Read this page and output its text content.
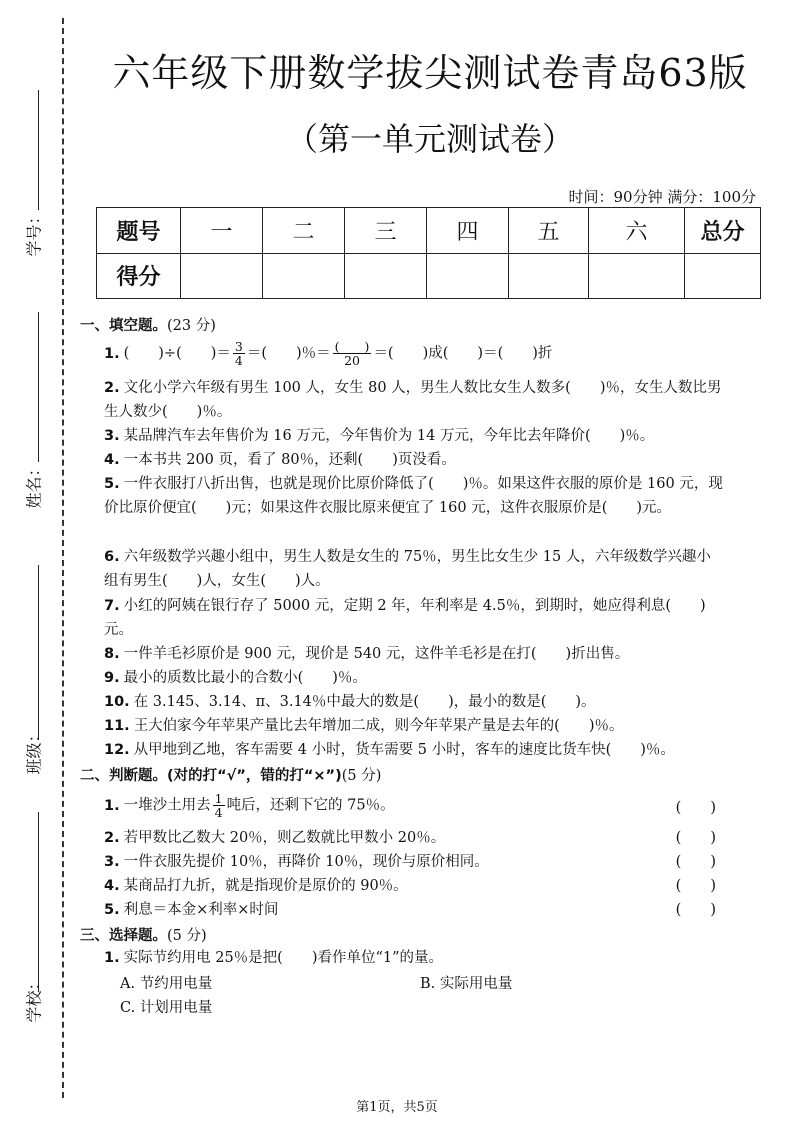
学号：
姓名：
班级：
学校：
六年级下册数学拔尖测试卷青岛63版
（第一单元测试卷）
时间：90分钟 满分：100分
题号	一	二	三	四	五	六	总分
得分							
一、填空题。(23 分)
1. (　　)÷(　　)＝ $\frac{3}{4}$ ＝(　　)％＝ $\frac{( )}{20}$ ＝(　　)成(　　)＝(　　)折
2. 文化小学六年级有男生 100 人，女生 80 人，男生人数比女生人数多(　　)％，女生人数比男生人数少(　　)％。
3. 某品牌汽车去年售价为 16 万元，今年售价为 14 万元，今年比去年降价(　　)％。
4. 一本书共 200 页，看了 80％，还剩(　　)页没看。
5. 一件衣服打八折出售，也就是现价比原价降低了(　　)％。如果这件衣服的原价是 160 元，现价比原价便宜(　　)元；如果这件衣服比原来便宜了 160 元，这件衣服原价是(　　)元。
6. 六年级数学兴趣小组中，男生人数是女生的 75％，男生比女生少 15 人，六年级数学兴趣小组有男生(　　)人，女生(　　)人。
7. 小红的阿姨在银行存了 5000 元，定期 2 年，年利率是 4.5％，到期时，她应得利息(　　)元。
8. 一件羊毛衫原价是 900 元，现价是 540 元，这件羊毛衫是在打(　　)折出售。
9. 最小的质数比最小的合数小(　　)％。
10. 在 3.145、3.14、π、3.14％中最大的数是(　　)，最小的数是(　　)。
11. 王大伯家今年苹果产量比去年增加二成，则今年苹果产量是去年的(　　)％。
12. 从甲地到乙地，客车需要 4 小时，货车需要 5 小时，客车的速度比货车快(　　)％。
二、判断题。(对的打“√”，错的打“×”)(5 分)
1. 一堆沙土用去 $\frac{1}{4}$ 吨后，还剩下它的 75％。	(　　)
2. 若甲数比乙数大 20％，则乙数就比甲数小 20％。	(　　)
3. 一件衣服先提价 10％，再降价 10％，现价与原价相同。	(　　)
4. 某商品打九折，就是指现价是原价的 90％。	(　　)
5. 利息＝本金×利率×时间	(　　)
三、选择题。(5 分)
1. 实际节约用电 25％是把(　　)看作单位“1”的量。
A. 节约用电量	B. 实际用电量
C. 计划用电量
第1页，共5页
